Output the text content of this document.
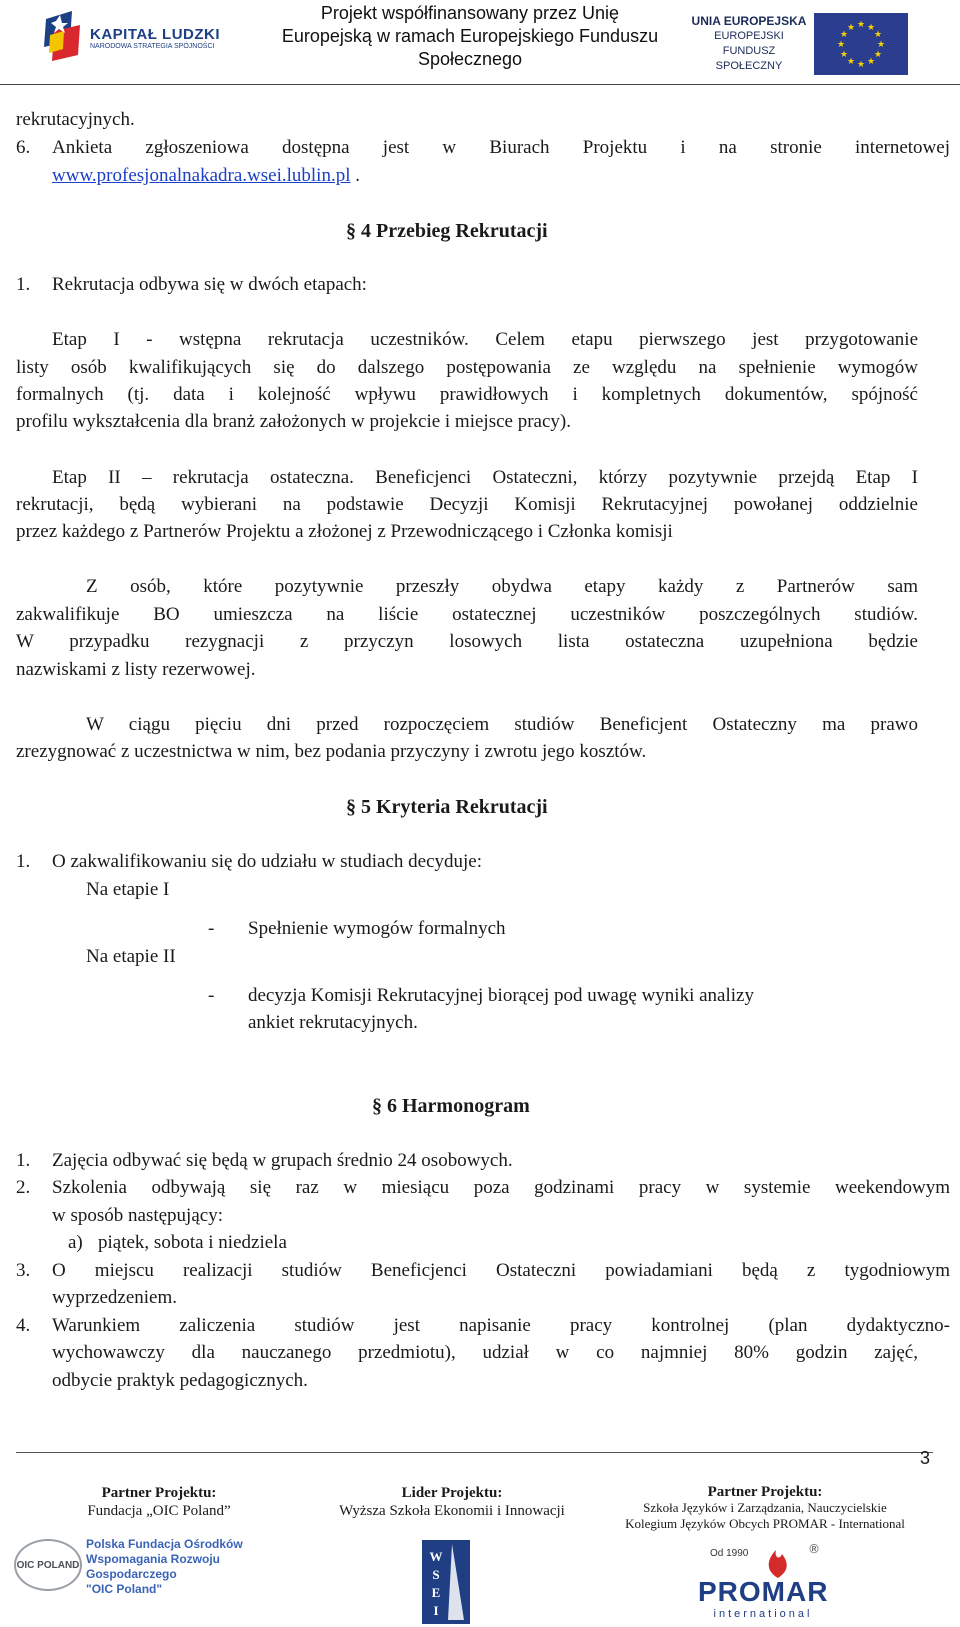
KAPITAŁ LUDZKI
NARODOWA STRATEGIA SPÓJNOŚCI
Projekt współfinansowany przez Unię
Europejską w ramach Europejskiego Funduszu
Społecznego
UNIA EUROPEJSKA
EUROPEJSKI
FUNDUSZ SPOŁECZNY
★ ★
★
★
★
★
★
★
★
★
★
★
rekrutacyjnych.
6. Ankieta zgłoszeniowa dostępna jest w Biurach Projektu i na stronie internetowej
www.profesjonalnakadra.wsei.lublin.pl .
§ 4 Przebieg Rekrutacji
1. Rekrutacja odbywa się w dwóch etapach:
Etap I - wstępna rekrutacja uczestników. Celem etapu pierwszego jest przygotowanie
listy osób kwalifikujących się do dalszego postępowania ze względu na spełnienie wymogów
formalnych (tj. data i kolejność wpływu prawidłowych i kompletnych dokumentów, spójność
profilu wykształcenia dla branż założonych w projekcie i miejsce pracy).
Etap II – rekrutacja ostateczna. Beneficjenci Ostateczni, którzy pozytywnie przejdą Etap I
rekrutacji, będą wybierani na podstawie Decyzji Komisji Rekrutacyjnej powołanej oddzielnie
przez każdego z Partnerów Projektu a złożonej z Przewodniczącego i Członka komisji
Z osób, które pozytywnie przeszły obydwa etapy każdy z Partnerów sam
zakwalifikuje BO umieszcza na liście ostatecznej uczestników poszczególnych studiów.
W przypadku rezygnacji z przyczyn losowych lista ostateczna uzupełniona będzie
nazwiskami z listy rezerwowej.
W ciągu pięciu dni przed rozpoczęciem studiów Beneficjent Ostateczny ma prawo
zrezygnować z uczestnictwa w nim, bez podania przyczyny i zwrotu jego kosztów.
§ 5 Kryteria Rekrutacji
1. O zakwalifikowaniu się do udziału w studiach decyduje:
Na etapie I
-	Spełnienie wymogów formalnych
Na etapie II
-	decyzja Komisji Rekrutacyjnej biorącej pod uwagę wyniki analizy
ankiet rekrutacyjnych.
§ 6 Harmonogram
1. Zajęcia odbywać się będą w grupach średnio 24 osobowych.
2. Szkolenia odbywają się raz w miesiącu poza godzinami pracy w systemie weekendowym
w sposób następujący:
a) piątek, sobota i niedziela
3. O miejscu realizacji studiów Beneficjenci Ostateczni powiadamiani będą z tygodniowym
wyprzedzeniem.
4. Warunkiem zaliczenia studiów jest napisanie pracy kontrolnej (plan dydaktyczno-
wychowawczy dla nauczanego przedmiotu), udział w co najmniej 80% godzin zajęć,
odbycie praktyk pedagogicznych.
3
Partner Projektu:
Fundacja „OIC Poland”
Lider Projektu:
Wyższa Szkoła Ekonomii i Innowacji
Partner Projektu:
Szkoła Języków i Zarządzania, Nauczycielskie
Kolegium Języków Obcych PROMAR - International
OIC POLAND
Polska Fundacja Ośrodków
Wspomagania Rozwoju Gospodarczego
"OIC Poland"
W
S
E
I
Od 1990	®
PROMAR
international
